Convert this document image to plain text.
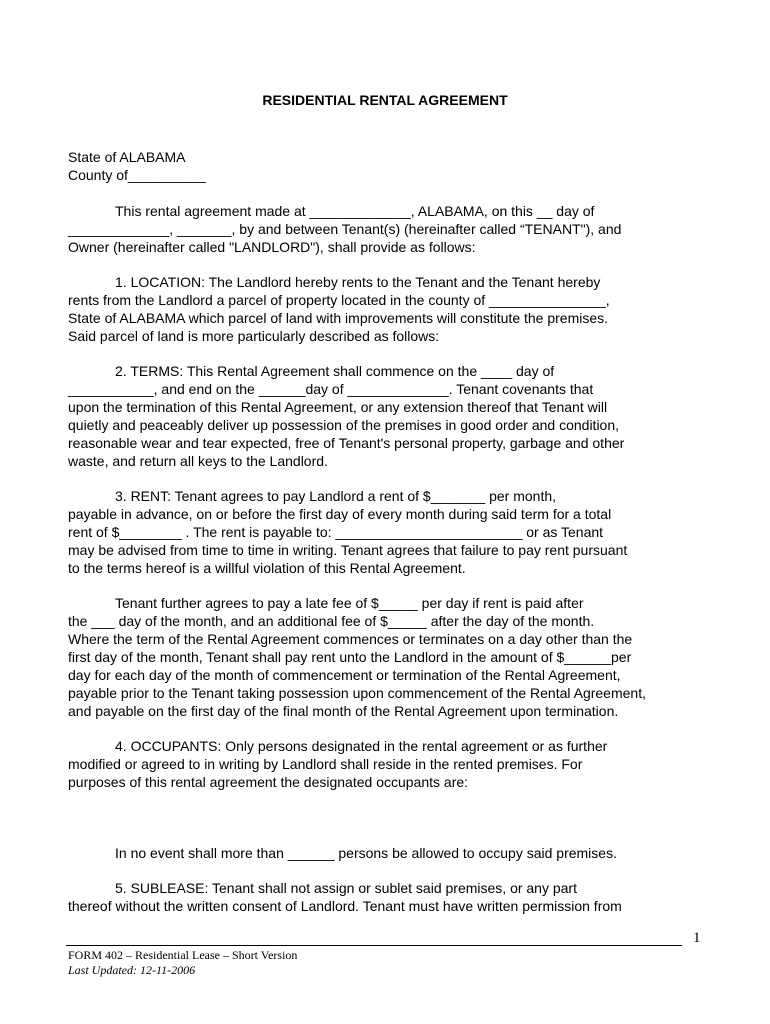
RESIDENTIAL RENTAL AGREEMENT
State of ALABAMA
County of__________
This rental agreement made at _____________, ALABAMA, on this __ day of
_____________, _______, by and between Tenant(s) (hereinafter called “TENANT"), and
Owner (hereinafter called "LANDLORD"), shall provide as follows:
1. LOCATION: The Landlord hereby rents to the Tenant and the Tenant hereby
rents from the Landlord a parcel of property located in the county of _______________,
State of ALABAMA which parcel of land with improvements will constitute the premises.
Said parcel of land is more particularly described as follows:
2. TERMS: This Rental Agreement shall commence on the ____ day of
___________, and end on the ______day of _____________. Tenant covenants that
upon the termination of this Rental Agreement, or any extension thereof that Tenant will
quietly and peaceably deliver up possession of the premises in good order and condition,
reasonable wear and tear expected, free of Tenant's personal property, garbage and other
waste, and return all keys to the Landlord.
3. RENT: Tenant agrees to pay Landlord a rent of $_______ per month,
payable in advance, on or before the first day of every month during said term for a total
rent of $________ . The rent is payable to: ________________________ or as Tenant
may be advised from time to time in writing. Tenant agrees that failure to pay rent pursuant
to the terms hereof is a willful violation of this Rental Agreement.
Tenant further agrees to pay a late fee of $_____ per day if rent is paid after
the ___ day of the month, and an additional fee of $_____ after the day of the month.
Where the term of the Rental Agreement commences or terminates on a day other than the
first day of the month, Tenant shall pay rent unto the Landlord in the amount of $______per
day for each day of the month of commencement or termination of the Rental Agreement,
payable prior to the Tenant taking possession upon commencement of the Rental Agreement,
and payable on the first day of the final month of the Rental Agreement upon termination.
4. OCCUPANTS: Only persons designated in the rental agreement or as further
modified or agreed to in writing by Landlord shall reside in the rented premises. For
purposes of this rental agreement the designated occupants are:
In no event shall more than ______ persons be allowed to occupy said premises.
5. SUBLEASE: Tenant shall not assign or sublet said premises, or any part
thereof without the written consent of Landlord. Tenant must have written permission from
1
FORM 402 – Residential Lease – Short Version
Last Updated: 12-11-2006
